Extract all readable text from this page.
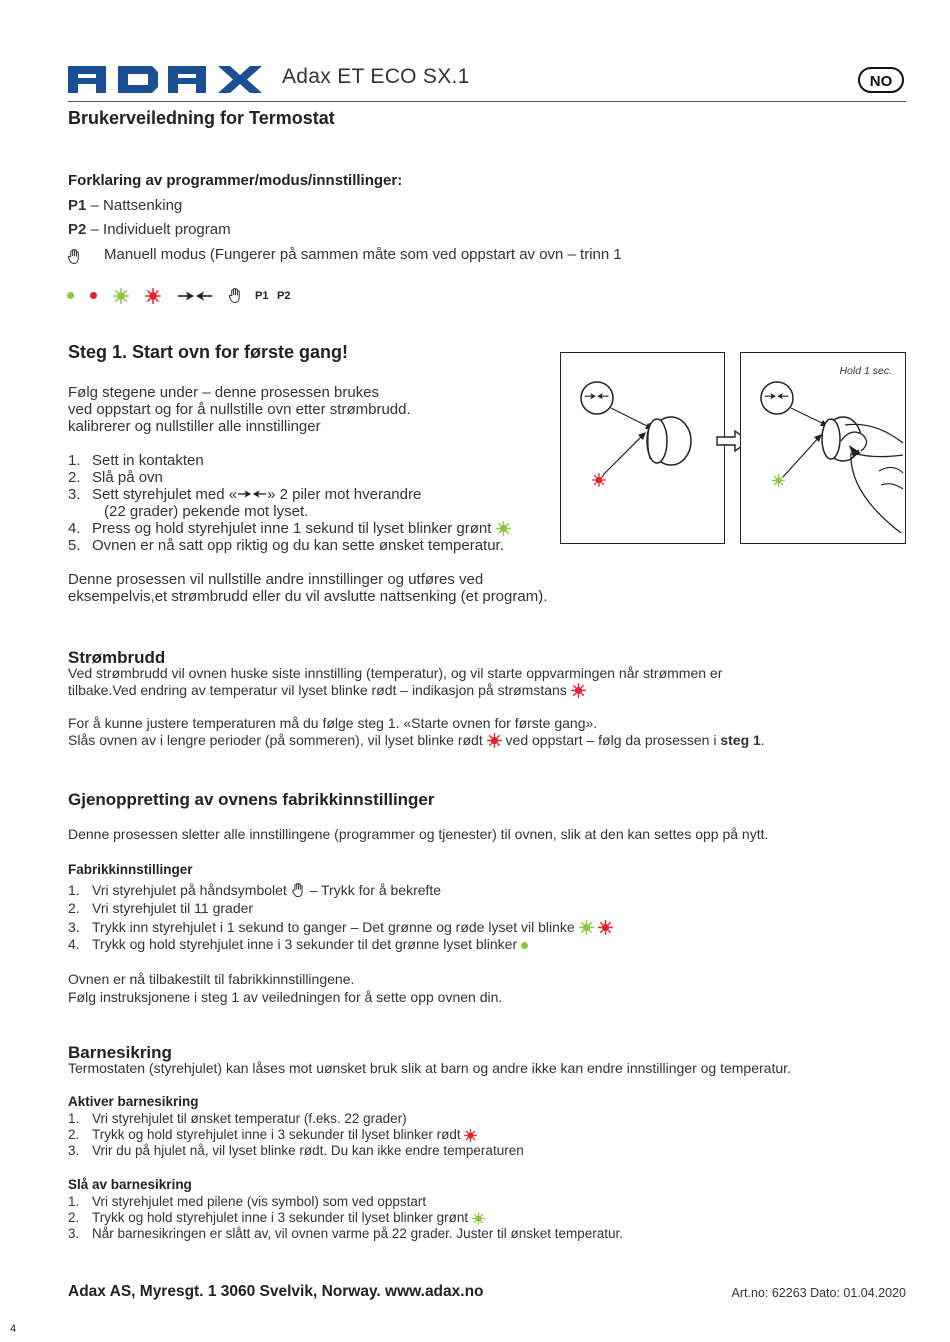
Adax ET ECO SX.1	NO
Brukerveiledning for Termostat
Forklaring av programmer/modus/innstillinger:
P1 – Nattsenking
P2 – Individuelt program
Manuell modus (Fungerer på sammen måte som ved oppstart av ovn – trinn 1
P1 P2
Steg 1. Start ovn for første gang!
Følg stegene under – denne prosessen brukes
ved oppstart og for å nullstille ovn etter strømbrudd.
kalibrerer og nullstiller alle innstillinger
1. Sett in kontakten
2. Slå på ovn
3. Sett styrehjulet med « » 2 piler mot hverandre
(22 grader) pekende mot lyset.
4. Press og hold styrehjulet inne 1 sekund til lyset blinker grønt
5. Ovnen er nå satt opp riktig og du kan sette ønsket temperatur.
Denne prosessen vil nullstille andre innstillinger og utføres ved
eksempelvis,et strømbrudd eller du vil avslutte nattsenking (et program).
Hold 1 sec.
Strømbrudd
Ved strømbrudd vil ovnen huske siste innstilling (temperatur), og vil starte oppvarmingen når strømmen er
tilbake.Ved endring av temperatur vil lyset blinke rødt – indikasjon på strømstans
For å kunne justere temperaturen må du følge steg 1. «Starte ovnen for første gang».
Slås ovnen av i lengre perioder (på sommeren), vil lyset blinke rødt  ved oppstart – følg da prosessen i steg 1.
Gjenoppretting av ovnens fabrikkinnstillinger
Denne prosessen sletter alle innstillingene (programmer og tjenester) til ovnen, slik at den kan settes opp på nytt.
Fabrikkinnstillinger
1. Vri styrehjulet på håndsymbolet  – Trykk for å bekrefte
2. Vri styrehjulet til 11 grader
3. Trykk inn styrehjulet i 1 sekund to ganger – Det grønne og røde lyset vil blinke
4. Trykk og hold styrehjulet inne i 3 sekunder til det grønne lyset blinker
Ovnen er nå tilbakestilt til fabrikkinnstillingene.
Følg instruksjonene i steg 1 av veiledningen for å sette opp ovnen din.
Barnesikring
Termostaten (styrehjulet) kan låses mot uønsket bruk slik at barn og andre ikke kan endre innstillinger og temperatur.
Aktiver barnesikring
1. Vri styrehjulet til ønsket temperatur (f.eks. 22 grader)
2. Trykk og hold styrehjulet inne i 3 sekunder til lyset blinker rødt
3. Vrir du på hjulet nå, vil lyset blinke rødt. Du kan ikke endre temperaturen
Slå av barnesikring
1. Vri styrehjulet med pilene (vis symbol) som ved oppstart
2. Trykk og hold styrehjulet inne i 3 sekunder til lyset blinker grønt
3. Når barnesikringen er slått av, vil ovnen varme på 22 grader. Juster til ønsket temperatur.
Adax AS, Myresgt. 1 3060 Svelvik, Norway. www.adax.no	Art.no: 62263 Dato: 01.04.2020
4
